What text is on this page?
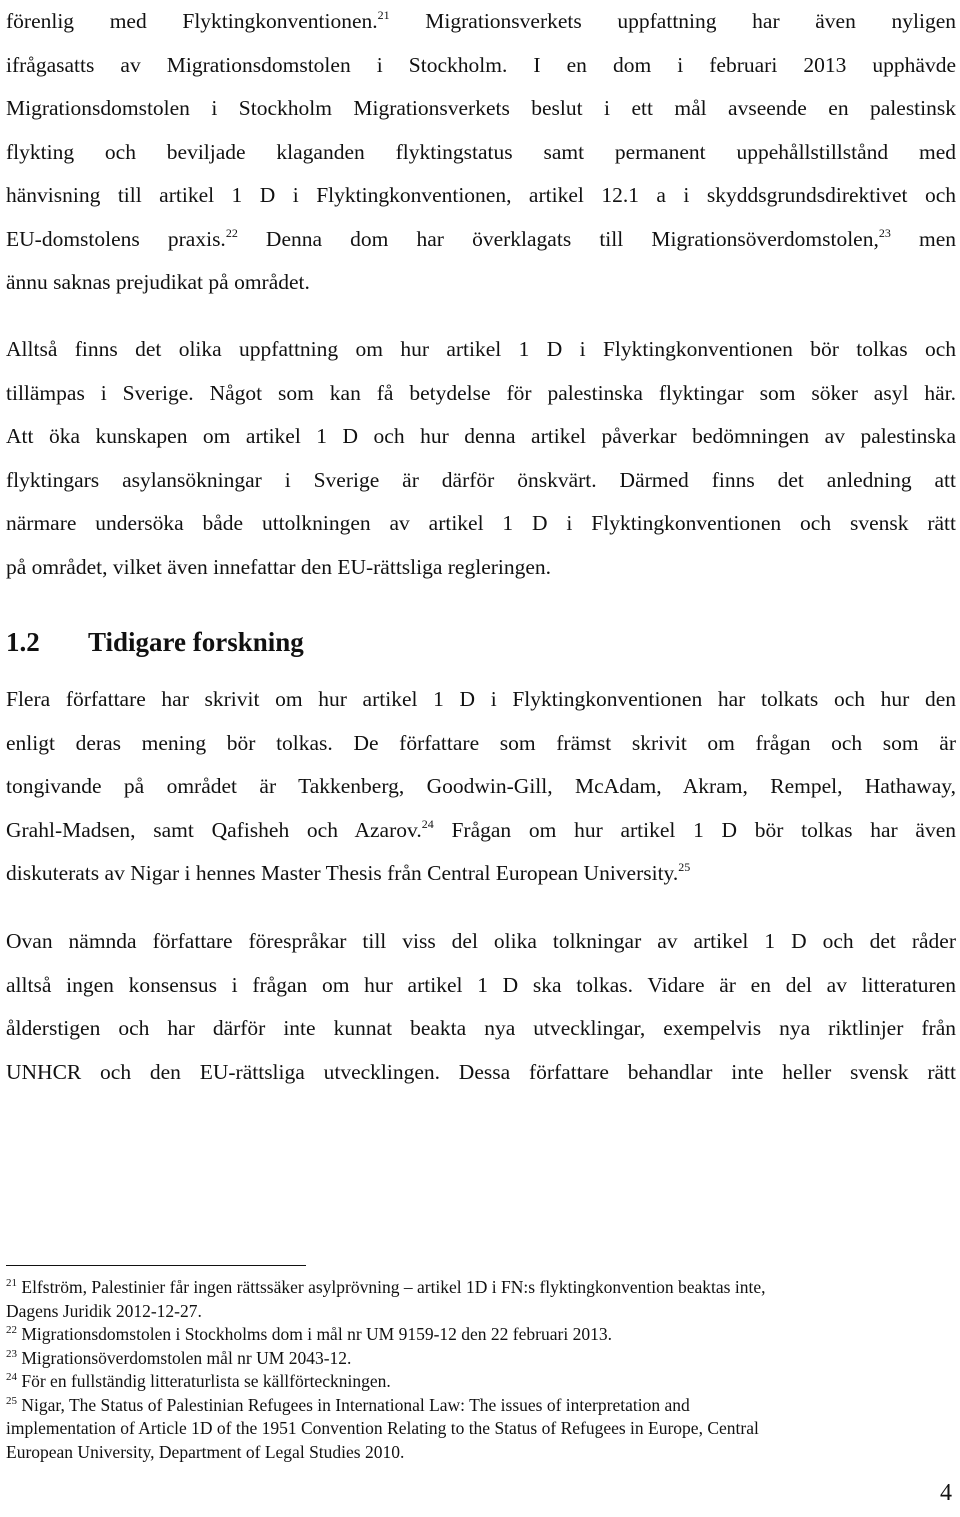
förenlig med Flyktingkonventionen.$^{21}$ Migrationsverkets uppfattning har även nyligen
ifrågasatts av Migrationsdomstolen i Stockholm. I en dom i februari 2013 upphävde
Migrationsdomstolen i Stockholm Migrationsverkets beslut i ett mål avseende en palestinsk
flykting och beviljade klaganden flyktingstatus samt permanent uppehållstillstånd med
hänvisning till artikel 1 D i Flyktingkonventionen, artikel 12.1 a i skyddsgrundsdirektivet och
EU-domstolens praxis.$^{22}$ Denna dom har överklagats till Migrationsöverdomstolen,$^{23}$ men
ännu saknas prejudikat på området.
Alltså finns det olika uppfattning om hur artikel 1 D i Flyktingkonventionen bör tolkas och
tillämpas i Sverige. Något som kan få betydelse för palestinska flyktingar som söker asyl här.
Att öka kunskapen om artikel 1 D och hur denna artikel påverkar bedömningen av palestinska
flyktingars asylansökningar i Sverige är därför önskvärt. Därmed finns det anledning att
närmare undersöka både uttolkningen av artikel 1 D i Flyktingkonventionen och svensk rätt
på området, vilket även innefattar den EU-rättsliga regleringen.
1.2 Tidigare forskning
Flera författare har skrivit om hur artikel 1 D i Flyktingkonventionen har tolkats och hur den
enligt deras mening bör tolkas. De författare som främst skrivit om frågan och som är
tongivande på området är Takkenberg, Goodwin-Gill, McAdam, Akram, Rempel, Hathaway,
Grahl-Madsen, samt Qafisheh och Azarov.$^{24}$ Frågan om hur artikel 1 D bör tolkas har även
diskuterats av Nigar i hennes Master Thesis från Central European University.$^{25}$
Ovan nämnda författare förespråkar till viss del olika tolkningar av artikel 1 D och det råder
alltså ingen konsensus i frågan om hur artikel 1 D ska tolkas. Vidare är en del av litteraturen
ålderstigen och har därför inte kunnat beakta nya utvecklingar, exempelvis nya riktlinjer från
UNHCR och den EU-rättsliga utvecklingen. Dessa författare behandlar inte heller svensk rätt
$^{21}$ Elfström, Palestinier får ingen rättssäker asylprövning – artikel 1D i FN:s flyktingkonvention beaktas inte,
Dagens Juridik 2012-12-27.
$^{22}$ Migrationsdomstolen i Stockholms dom i mål nr UM 9159-12 den 22 februari 2013.
$^{23}$ Migrationsöverdomstolen mål nr UM 2043-12.
$^{24}$ För en fullständig litteraturlista se källförteckningen.
$^{25}$ Nigar, The Status of Palestinian Refugees in International Law: The issues of interpretation and
implementation of Article 1D of the 1951 Convention Relating to the Status of Refugees in Europe, Central
European University, Department of Legal Studies 2010.
4
